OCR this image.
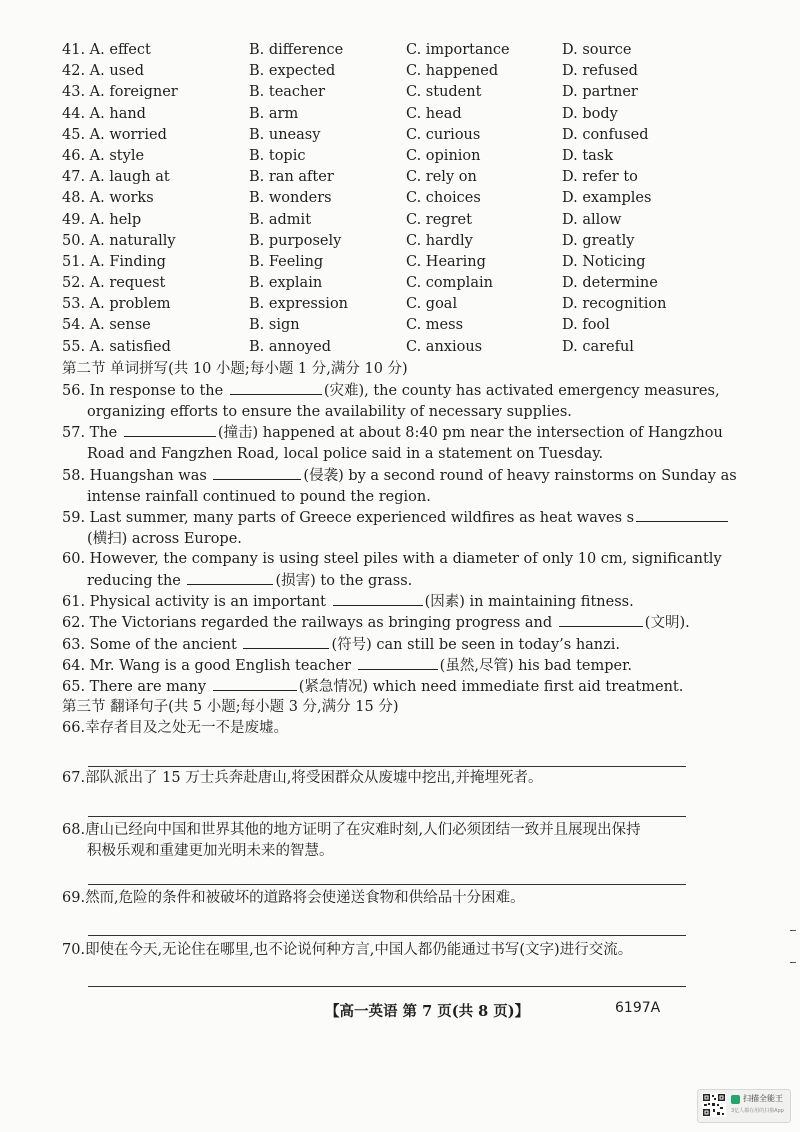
41. A. effect	B. difference	C. importance	D. source
42. A. used	B. expected	C. happened	D. refused
43. A. foreigner	B. teacher	C. student	D. partner
44. A. hand	B. arm	C. head	D. body
45. A. worried	B. uneasy	C. curious	D. confused
46. A. style	B. topic	C. opinion	D. task
47. A. laugh at	B. ran after	C. rely on	D. refer to
48. A. works	B. wonders	C. choices	D. examples
49. A. help	B. admit	C. regret	D. allow
50. A. naturally	B. purposely	C. hardly	D. greatly
51. A. Finding	B. Feeling	C. Hearing	D. Noticing
52. A. request	B. explain	C. complain	D. determine
53. A. problem	B. expression	C. goal	D. recognition
54. A. sense	B. sign	C. mess	D. fool
55. A. satisfied	B. annoyed	C. anxious	D. careful
第二节 单词拼写(共 10 小题;每小题 1 分,满分 10 分)
56. In response to the	(灾难), the county has activated emergency measures,
organizing efforts to ensure the availability of necessary supplies.
57. The	(撞击) happened at about 8:40 pm near the intersection of Hangzhou
Road and Fangzhen Road, local police said in a statement on Tuesday.
58. Huangshan was	(侵袭) by a second round of heavy rainstorms on Sunday as
intense rainfall continued to pound the region.
59. Last summer, many parts of Greece experienced wildfires as heat waves s
(横扫) across Europe.
60. However, the company is using steel piles with a diameter of only 10 cm, significantly
reducing the	(损害) to the grass.
61. Physical activity is an important	(因素) in maintaining fitness.
62. The Victorians regarded the railways as bringing progress and	(文明).
63. Some of the ancient	(符号) can still be seen in today’s hanzi.
64. Mr. Wang is a good English teacher	(虽然,尽管) his bad temper.
65. There are many	(紧急情况) which need immediate first aid treatment.
第三节 翻译句子(共 5 小题;每小题 3 分,满分 15 分)
66.幸存者目及之处无一不是废墟。
67.部队派出了 15 万士兵奔赴唐山,将受困群众从废墟中挖出,并掩埋死者。
68.唐山已经向中国和世界其他的地方证明了在灾难时刻,人们必须团结一致并且展现出保持
积极乐观和重建更加光明未来的智慧。
69.然而,危险的条件和被破坏的道路将会使递送食物和供给品十分困难。
70.即使在今天,无论住在哪里,也不论说何种方言,中国人都仍能通过书写(文字)进行交流。
【高一英语 第 7 页(共 8 页)】	6197A
扫描全能王
3亿人都在用的扫描App
